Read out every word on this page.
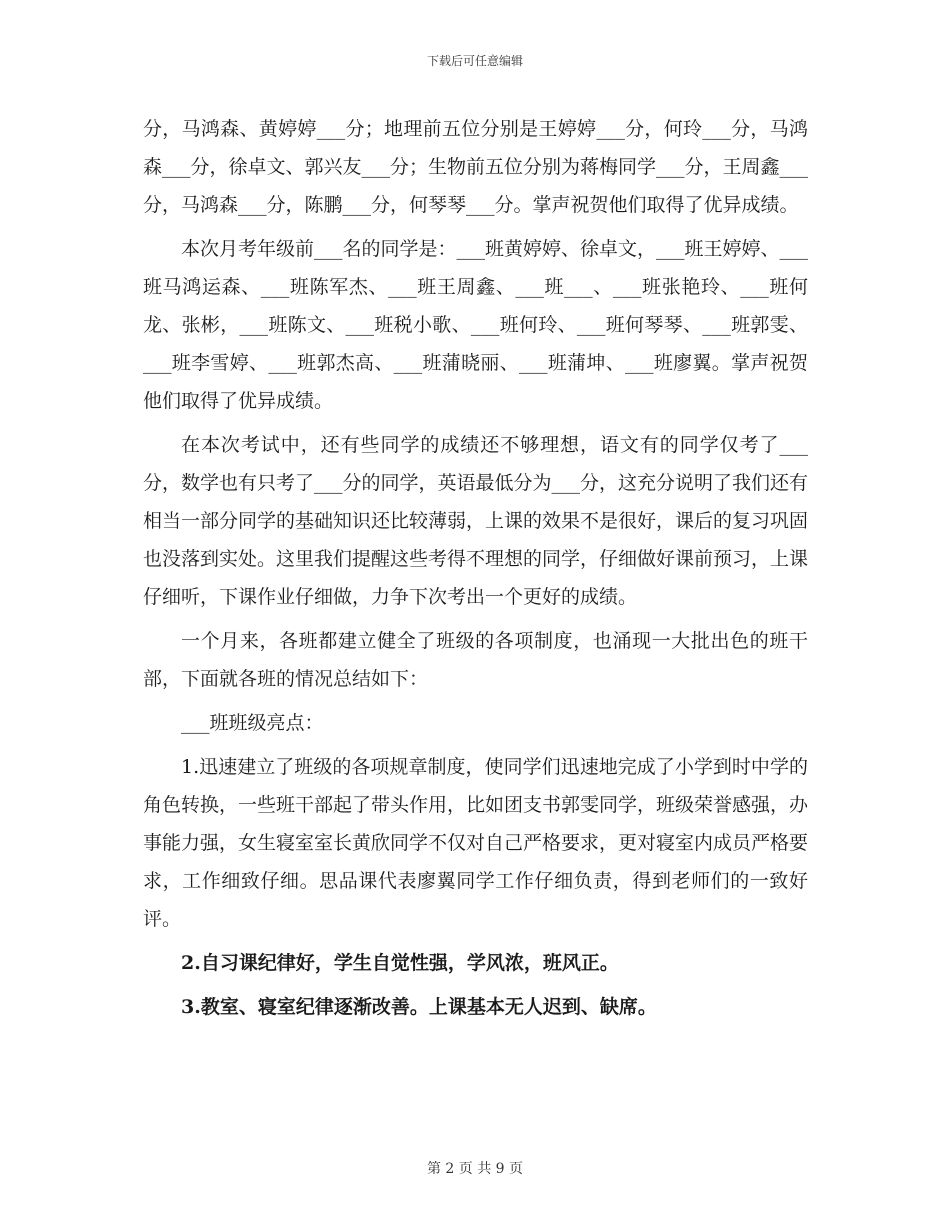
下载后可任意编辑

分，马鸿森、黄婷婷___分；地理前五位分别是王婷婷___分，何玲___分，马鸿森___分，徐卓文、郭兴友___分；生物前五位分别为蒋梅同学___分，王周鑫___分，马鸿森___分，陈鹏___分，何琴琴___分。掌声祝贺他们取得了优异成绩。

本次月考年级前___名的同学是：___班黄婷婷、徐卓文，___班王婷婷、___班马鸿运森、___班陈军杰、___班王周鑫、___班___、___班张艳玲、___班何龙、张彬，___班陈文、___班税小歌、___班何玲、___班何琴琴、___班郭雯、___班李雪婷、___班郭杰高、___班蒲晓丽、___班蒲坤、___班廖翼。掌声祝贺他们取得了优异成绩。

在本次考试中，还有些同学的成绩还不够理想，语文有的同学仅考了___分，数学也有只考了___分的同学，英语最低分为___分，这充分说明了我们还有相当一部分同学的基础知识还比较薄弱，上课的效果不是很好，课后的复习巩固也没落到实处。这里我们提醒这些考得不理想的同学，仔细做好课前预习，上课仔细听，下课作业仔细做，力争下次考出一个更好的成绩。

一个月来，各班都建立健全了班级的各项制度，也涌现一大批出色的班干部，下面就各班的情况总结如下：

___班班级亮点：

1.迅速建立了班级的各项规章制度，使同学们迅速地完成了小学到时中学的角色转换，一些班干部起了带头作用，比如团支书郭雯同学，班级荣誉感强，办事能力强，女生寝室室长黄欣同学不仅对自己严格要求，更对寝室内成员严格要求，工作细致仔细。思品课代表廖翼同学工作仔细负责，得到老师们的一致好评。

2.自习课纪律好，学生自觉性强，学风浓，班风正。

3.教室、寝室纪律逐渐改善。上课基本无人迟到、缺席。

第 2 页 共 9 页
